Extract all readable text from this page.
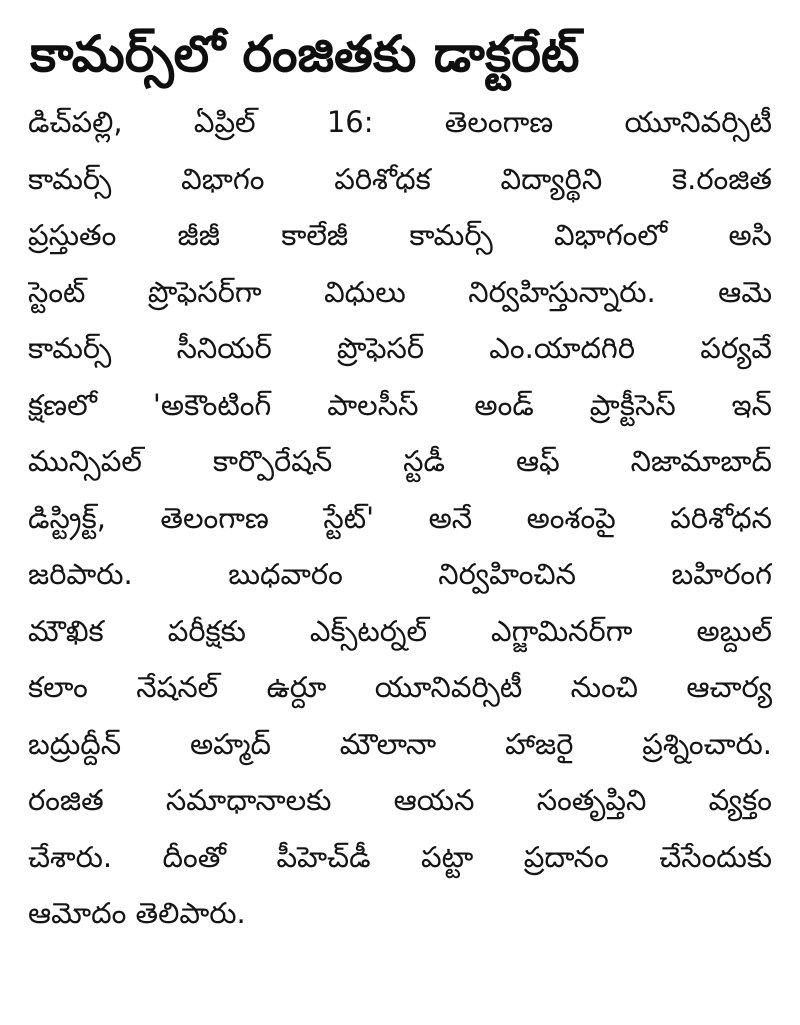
కామర్స్‌లో రంజితకు డాక్టరేట్
డిచ్‌పల్లి, ఏప్రిల్ 16: తెలంగాణ యూనివర్సిటీ
కామర్స్ విభాగం పరిశోధక విద్యార్థిని కె.రంజిత
ప్రస్తుతం జీజీ కాలేజీ కామర్స్ విభాగంలో అసి
స్టెంట్ ప్రొఫెసర్‌గా విధులు నిర్వహిస్తున్నారు. ఆమె
కామర్స్ సీనియర్ ప్రొఫెసర్ ఎం.యాదగిరి పర్యవే
క్షణలో 'అకౌంటింగ్ పాలసీస్ అండ్ ప్రాక్టీసెస్ ఇన్
మున్సిపల్ కార్పొరేషన్ స్టడీ ఆఫ్ నిజామాబాద్
డిస్ట్రిక్ట్, తెలంగాణ స్టేట్' అనే అంశంపై పరిశోధన
జరిపారు. బుధవారం నిర్వహించిన బహిరంగ
మౌఖిక పరీక్షకు ఎక్స్‌టర్నల్ ఎగ్జామినర్‌గా అబ్దుల్
కలాం నేషనల్ ఉర్దూ యూనివర్సిటీ నుంచి ఆచార్య
బద్రుద్దీన్ అహ్మద్ మౌలానా హాజరై ప్రశ్నించారు.
రంజిత సమాధానాలకు ఆయన సంతృప్తిని వ్యక్తం
చేశారు. దీంతో పీహెచ్‌డీ పట్టా ప్రదానం చేసేందుకు
ఆమోదం తెలిపారు.
